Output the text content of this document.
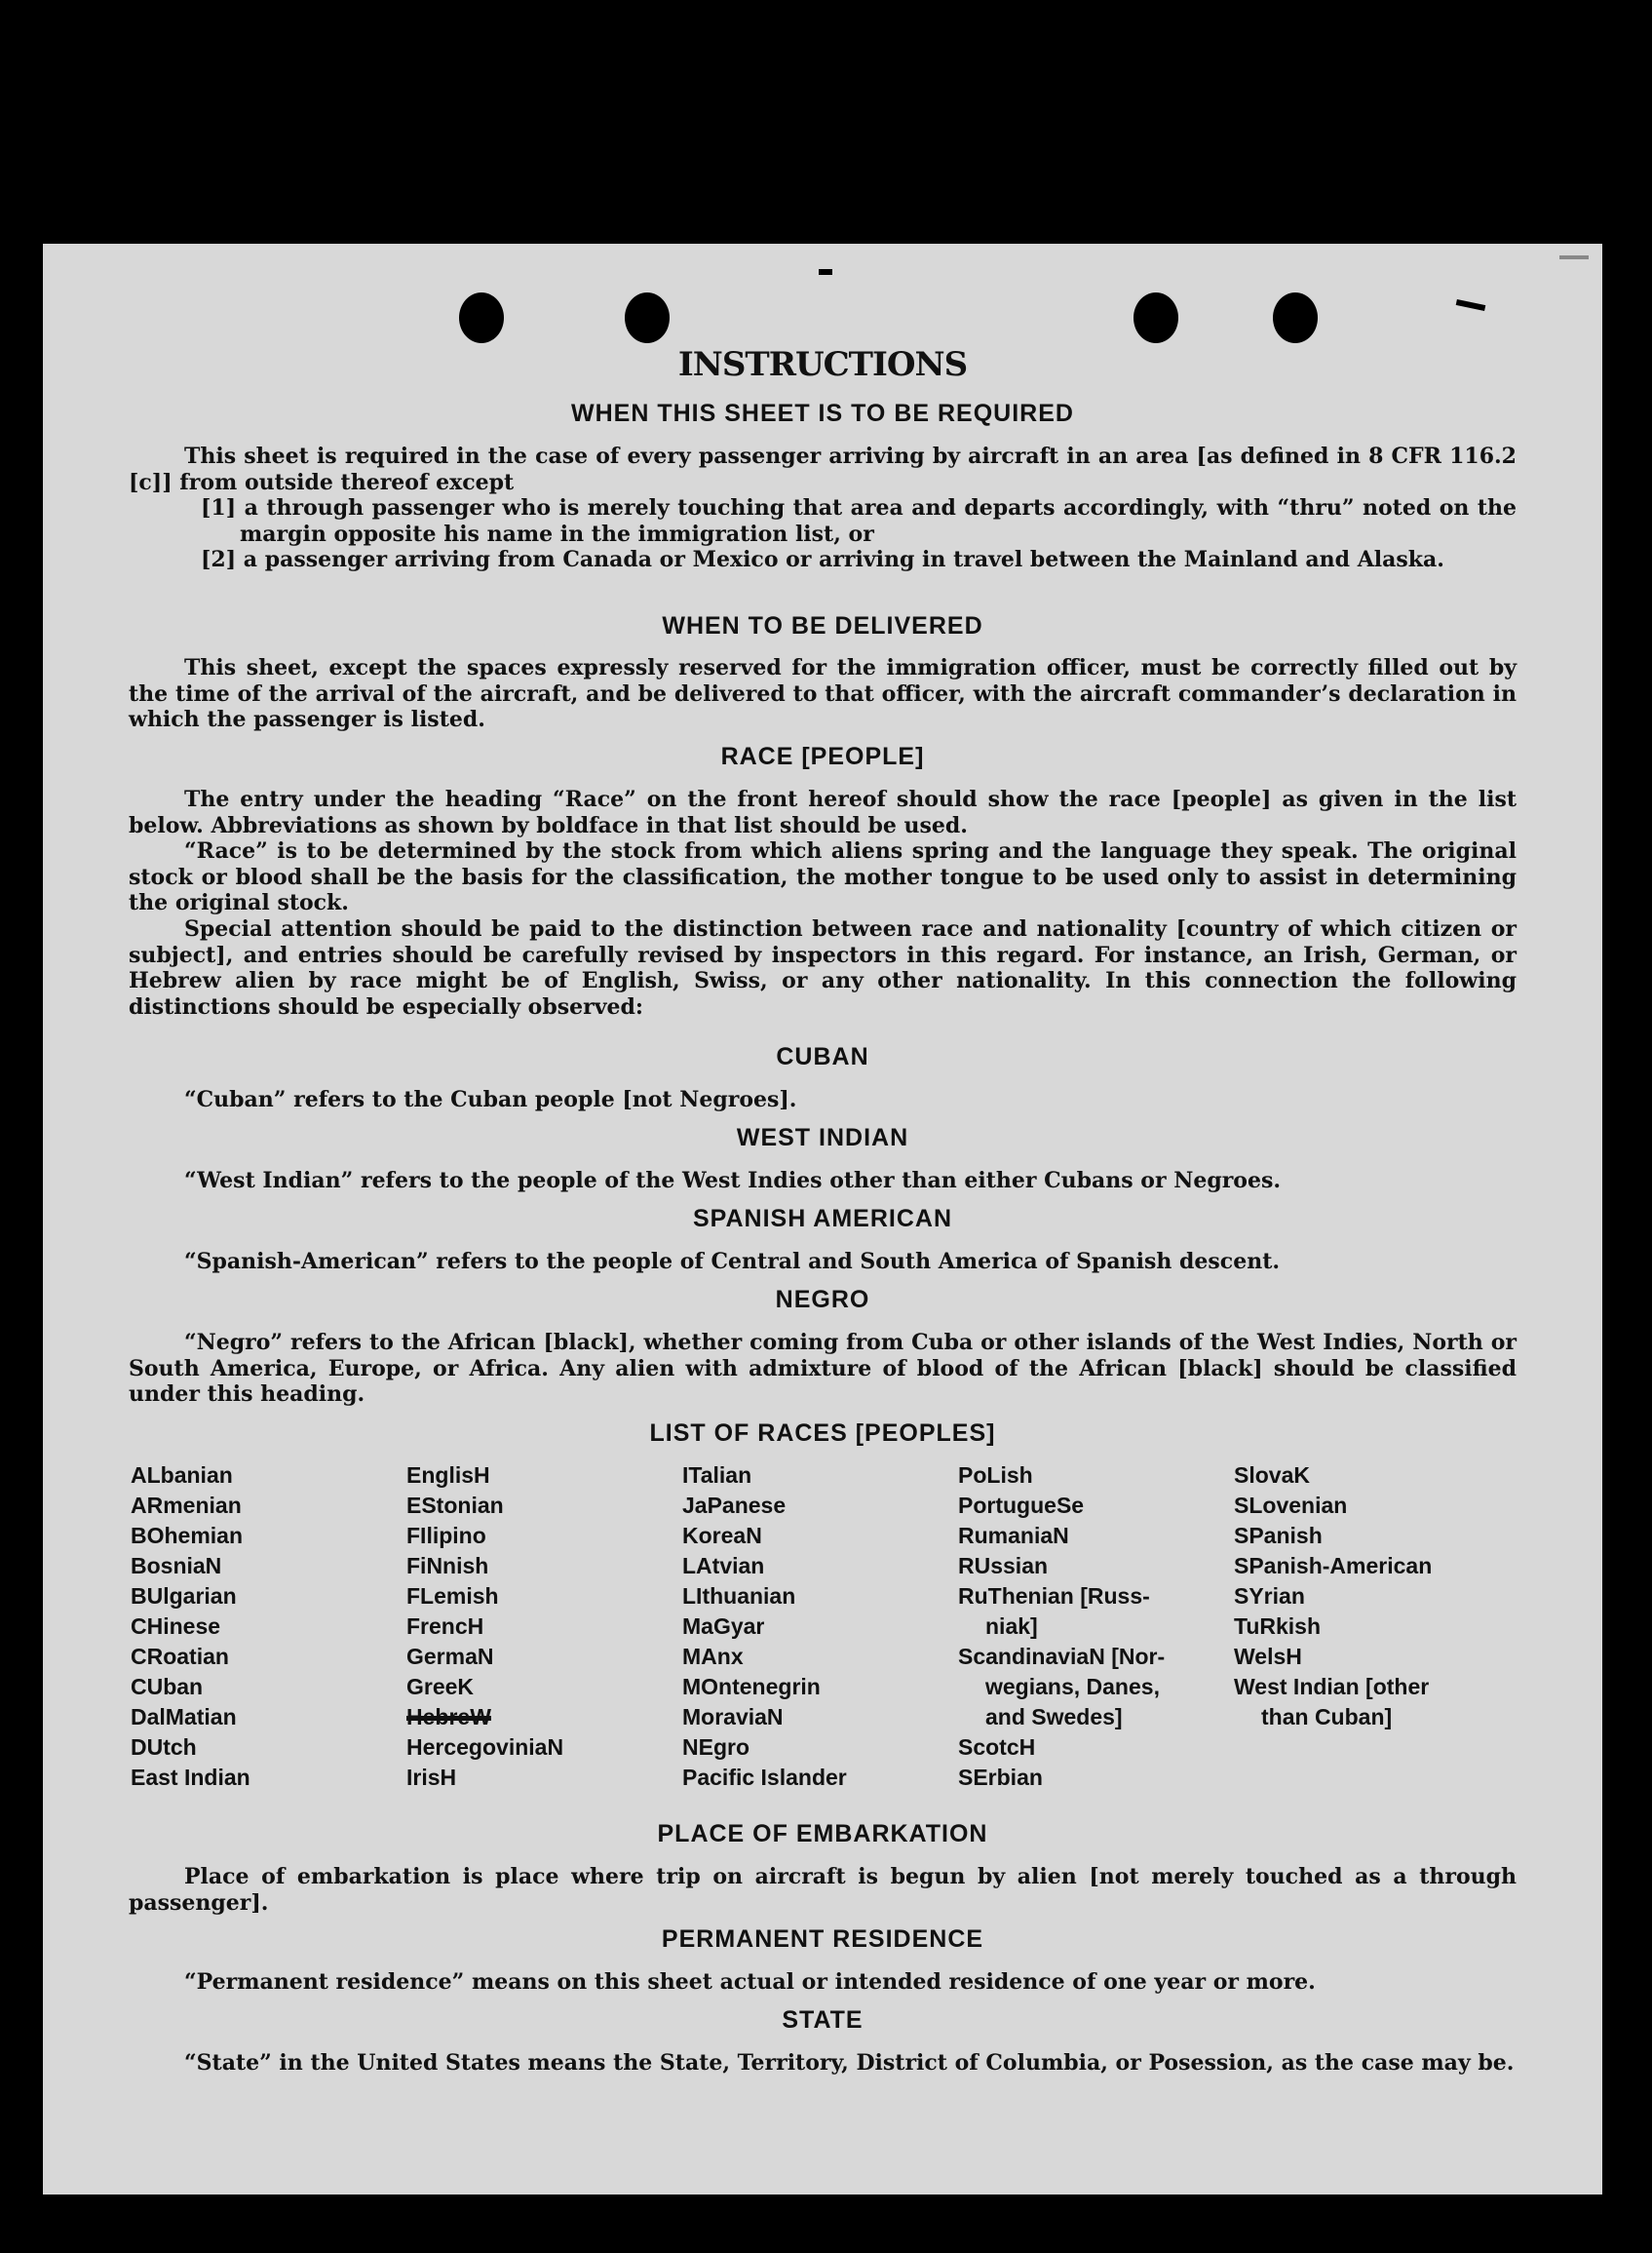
INSTRUCTIONS
WHEN THIS SHEET IS TO BE REQUIRED
This sheet is required in the case of every passenger arriving by aircraft in an area [as defined in 8 CFR 116.2 [c]] from outside thereof except
[1] a through passenger who is merely touching that area and departs accordingly, with “thru” noted on the margin opposite his name in the immigration list, or
[2] a passenger arriving from Canada or Mexico or arriving in travel between the Mainland and Alaska.
WHEN TO BE DELIVERED
This sheet, except the spaces expressly reserved for the immigration officer, must be correctly filled out by the time of the arrival of the aircraft, and be delivered to that officer, with the aircraft commander’s declaration in which the passenger is listed.
RACE [PEOPLE]
The entry under the heading “Race” on the front hereof should show the race [people] as given in the list below. Abbreviations as shown by boldface in that list should be used.
“Race” is to be determined by the stock from which aliens spring and the language they speak. The original stock or blood shall be the basis for the classification, the mother tongue to be used only to assist in determining the original stock.
Special attention should be paid to the distinction between race and nationality [country of which citizen or subject], and entries should be carefully revised by inspectors in this regard. For instance, an Irish, German, or Hebrew alien by race might be of English, Swiss, or any other nationality. In this connection the following distinctions should be especially observed:
CUBAN
“Cuban” refers to the Cuban people [not Negroes].
WEST INDIAN
“West Indian” refers to the people of the West Indies other than either Cubans or Negroes.
SPANISH AMERICAN
“Spanish-American” refers to the people of Central and South America of Spanish descent.
NEGRO
“Negro” refers to the African [black], whether coming from Cuba or other islands of the West Indies, North or South America, Europe, or Africa. Any alien with admixture of blood of the African [black] should be classified under this heading.
LIST OF RACES [PEOPLES]
ALbanian
ARmenian
BOhemian
BosniaN
BUlgarian
CHinese
CRoatian
CUban
DalMatian
DUtch
East Indian
EnglisH
EStonian
FIlipino
FiNnish
FLemish
FrencH
GermaN
GreeK
HebreW
HercegoviniaN
IrisH
ITalian
JaPanese
KoreaN
LAtvian
LIthuanian
MaGyar
MAnx
MOntenegrin
MoraviaN
NEgro
Pacific Islander
PoLish
PortugueSe
RumaniaN
RUssian
RuThenian [Russ-
niak]
ScandinaviaN [Nor-
wegians, Danes,
and Swedes]
ScotcH
SErbian
SlovaK
SLovenian
SPanish
SPanish-American
SYrian
TuRkish
WelsH
West Indian [other
than Cuban]
PLACE OF EMBARKATION
Place of embarkation is place where trip on aircraft is begun by alien [not merely touched as a through passenger].
PERMANENT RESIDENCE
“Permanent residence” means on this sheet actual or intended residence of one year or more.
STATE
“State” in the United States means the State, Territory, District of Columbia, or Posession, as the case may be.
